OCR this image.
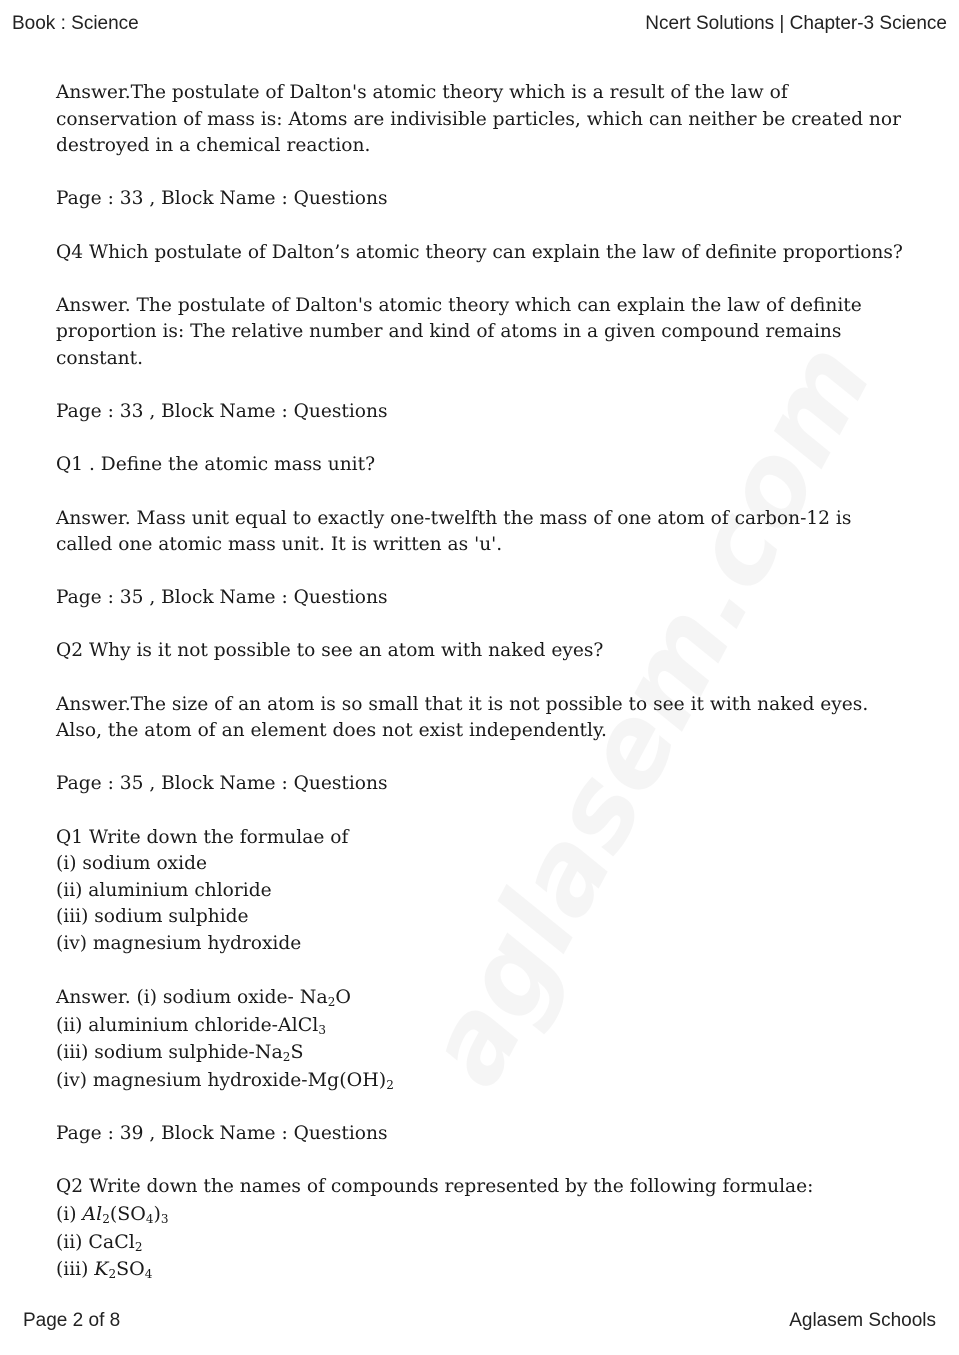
Book : Science	Ncert Solutions | Chapter-3 Science

Answer.The postulate of Dalton's atomic theory which is a result of the law of conservation of mass is: Atoms are indivisible particles, which can neither be created nor destroyed in a chemical reaction.

Page : 33 , Block Name : Questions

Q4 Which postulate of Dalton’s atomic theory can explain the law of definite proportions?

Answer. The postulate of Dalton's atomic theory which can explain the law of definite proportion is: The relative number and kind of atoms in a given compound remains constant.

Page : 33 , Block Name : Questions

Q1 . Define the atomic mass unit?

Answer. Mass unit equal to exactly one-twelfth the mass of one atom of carbon-12 is called one atomic mass unit. It is written as 'u'.

Page : 35 , Block Name : Questions

Q2 Why is it not possible to see an atom with naked eyes?

Answer.The size of an atom is so small that it is not possible to see it with naked eyes. Also, the atom of an element does not exist independently.

Page : 35 , Block Name : Questions

Q1 Write down the formulae of
(i) sodium oxide
(ii) aluminium chloride
(iii) sodium sulphide
(iv) magnesium hydroxide

Answer. (i) sodium oxide- $Na_2O$
(ii) aluminium chloride-AlCl$_3$
(iii) sodium sulphide-$Na_2S$
(iv) magnesium hydroxide-$Mg(OH)_2$

Page : 39 , Block Name : Questions

Q2 Write down the names of compounds represented by the following formulae:
(i) $Al_2(SO_4)_3$
(ii) CaCl$_2$
(iii) $K_2SO_4$

Page 2 of 8	Aglasem Schools
